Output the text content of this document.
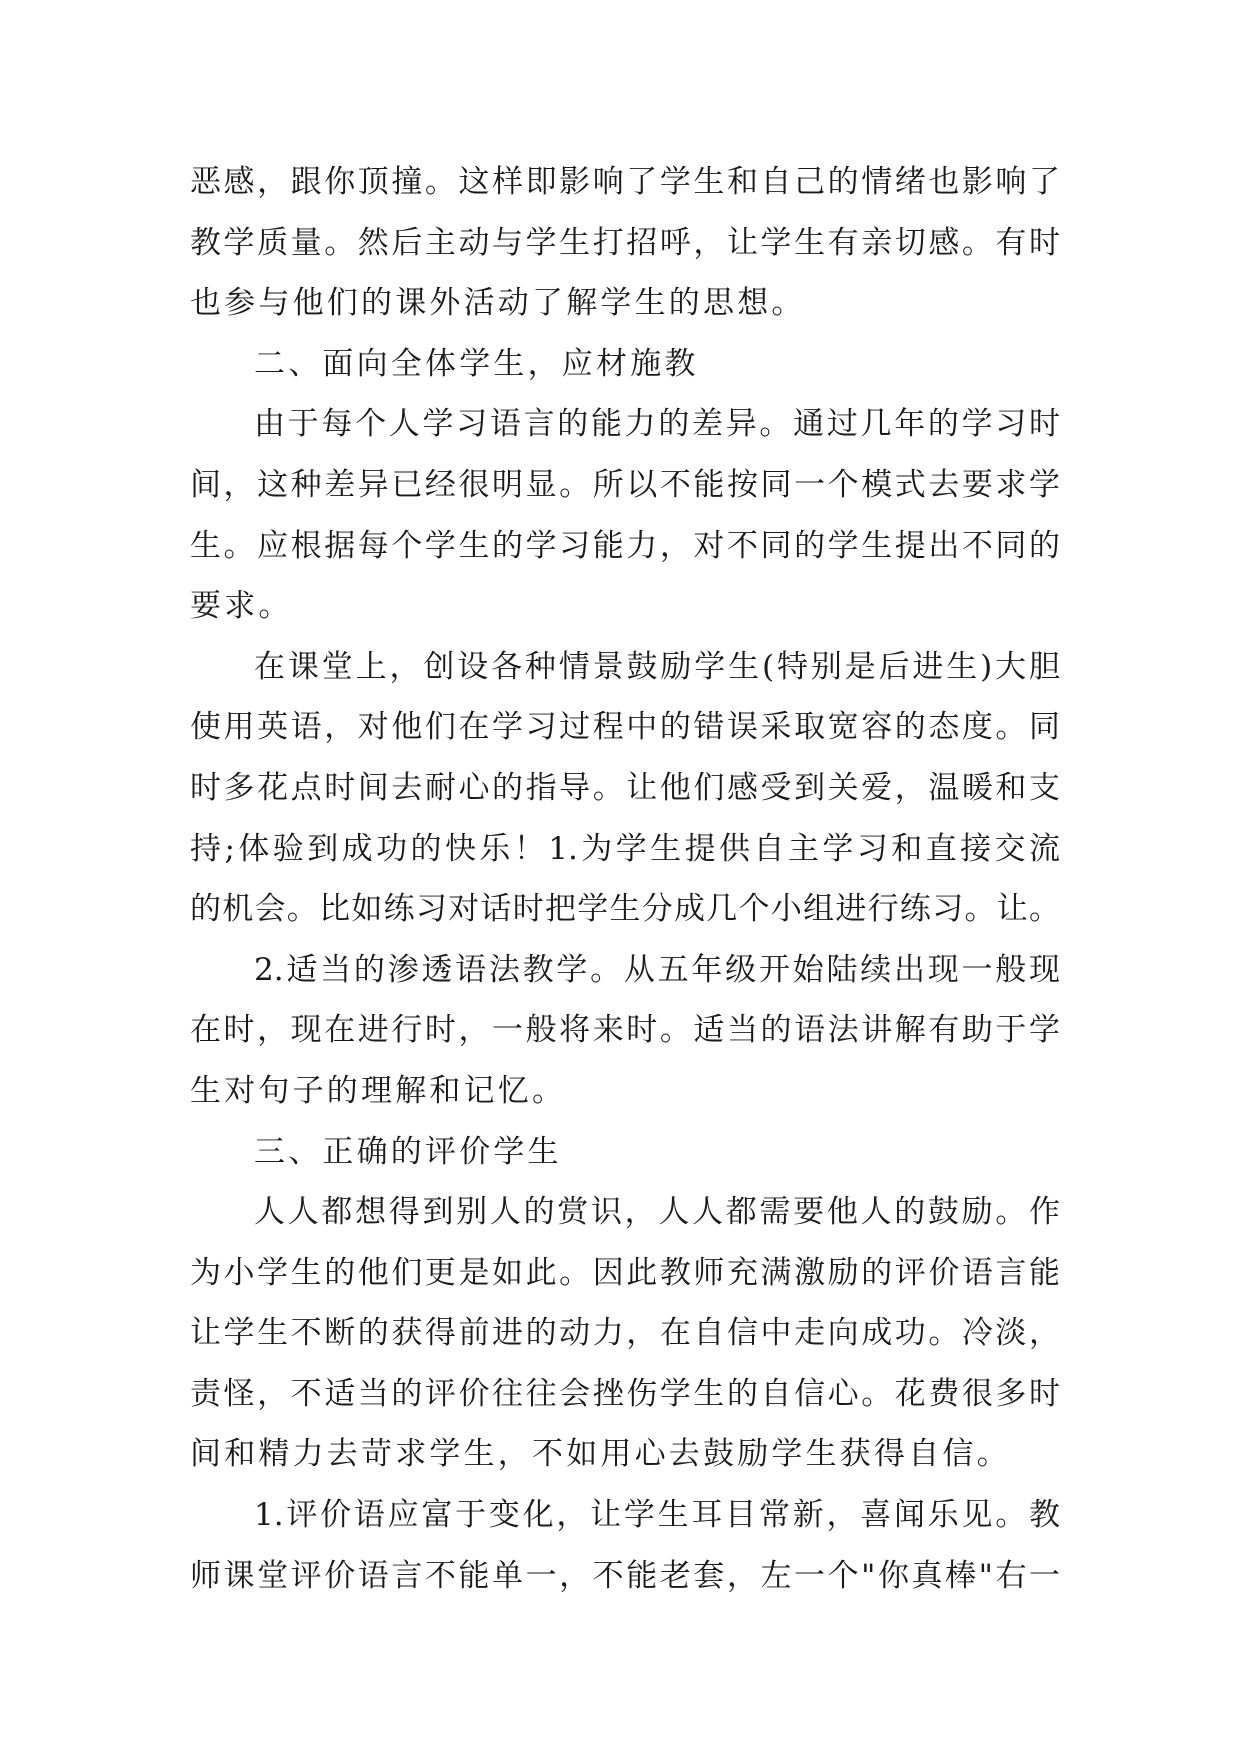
恶感，跟你顶撞。这样即影响了学生和自己的情绪也影响了
教学质量。然后主动与学生打招呼，让学生有亲切感。有时
也参与他们的课外活动了解学生的思想。
二、面向全体学生，应材施教
由于每个人学习语言的能力的差异。通过几年的学习时
间，这种差异已经很明显。所以不能按同一个模式去要求学
生。应根据每个学生的学习能力，对不同的学生提出不同的
要求。
在课堂上，创设各种情景鼓励学生(特别是后进生)大胆
使用英语，对他们在学习过程中的错误采取宽容的态度。同
时多花点时间去耐心的指导。让他们感受到关爱，温暖和支
持;体验到成功的快乐！1.为学生提供自主学习和直接交流
的机会。比如练习对话时把学生分成几个小组进行练习。让。
2.适当的渗透语法教学。从五年级开始陆续出现一般现
在时，现在进行时，一般将来时。适当的语法讲解有助于学
生对句子的理解和记忆。
三、正确的评价学生
人人都想得到别人的赏识，人人都需要他人的鼓励。作
为小学生的他们更是如此。因此教师充满激励的评价语言能
让学生不断的获得前进的动力，在自信中走向成功。冷淡，
责怪，不适当的评价往往会挫伤学生的自信心。花费很多时
间和精力去苛求学生，不如用心去鼓励学生获得自信。
1.评价语应富于变化，让学生耳目常新，喜闻乐见。教
师课堂评价语言不能单一，不能老套，左一个"你真棒"右一
